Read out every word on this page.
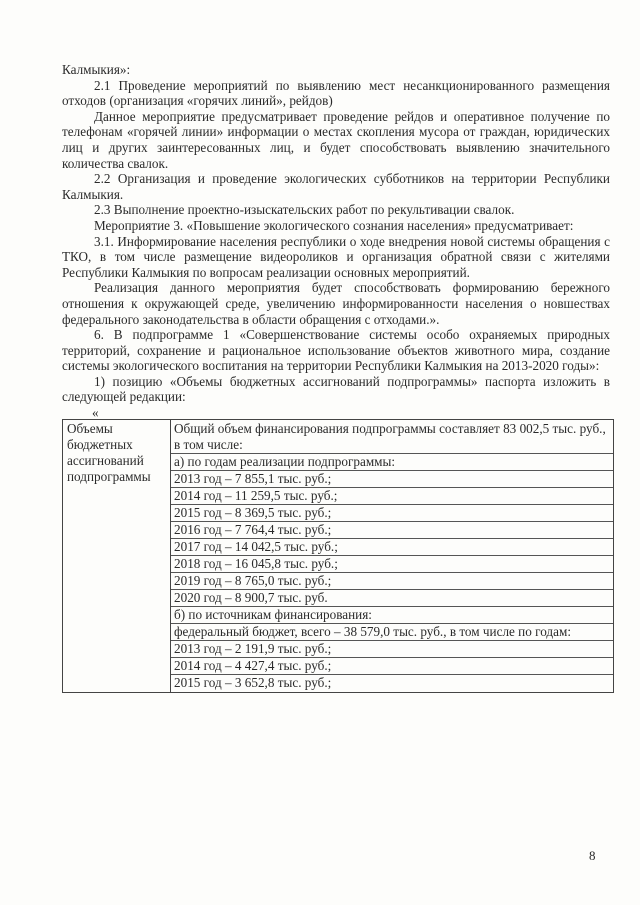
Калмыкия»:

2.1 Проведение мероприятий по выявлению мест несанкционированного размещения отходов (организация «горячих линий», рейдов)

Данное мероприятие предусматривает проведение рейдов и оперативное получение по телефонам «горячей линии» информации о местах скопления мусора от граждан, юридических лиц и других заинтересованных лиц, и будет способствовать выявлению значительного количества свалок.

2.2 Организация и проведение экологических субботников на территории Республики Калмыкия.

2.3 Выполнение проектно-изыскательских работ по рекультивации свалок.

Мероприятие 3. «Повышение экологического сознания населения» предусматривает:

3.1. Информирование населения республики о ходе внедрения новой системы обращения с ТКО, в том числе размещение видеороликов и организация обратной связи с жителями Республики Калмыкия по вопросам реализации основных мероприятий.

Реализация данного мероприятия будет способствовать формированию бережного отношения к окружающей среде, увеличению информированности населения о новшествах федерального законодательства в области обращения с отходами.».

6. В подпрограмме 1 «Совершенствование системы особо охраняемых природных территорий, сохранение и рациональное использование объектов животного мира, создание системы экологического воспитания на территории Республики Калмыкия на 2013-2020 годы»:

1) позицию «Объемы бюджетных ассигнований подпрограммы» паспорта изложить в следующей редакции:

«
Объемы бюджетных ассигнований подпрограммы	
Общий объем финансирования подпрограммы составляет 83 002,5 тыс. руб., в том числе:
а) по годам реализации подпрограммы:
2013 год – 7 855,1 тыс. руб.;
2014 год – 11 259,5 тыс. руб.;
2015 год – 8 369,5 тыс. руб.;
2016 год – 7 764,4 тыс. руб.;
2017 год – 14 042,5 тыс. руб.;
2018 год – 16 045,8 тыс. руб.;
2019 год – 8 765,0 тыс. руб.;
2020 год – 8 900,7 тыс. руб.
б) по источникам финансирования:
федеральный бюджет, всего – 38 579,0 тыс. руб., в том числе по годам:
2013 год – 2 191,9 тыс. руб.;
2014 год – 4 427,4 тыс. руб.;
2015 год – 3 652,8 тыс. руб.;
8
